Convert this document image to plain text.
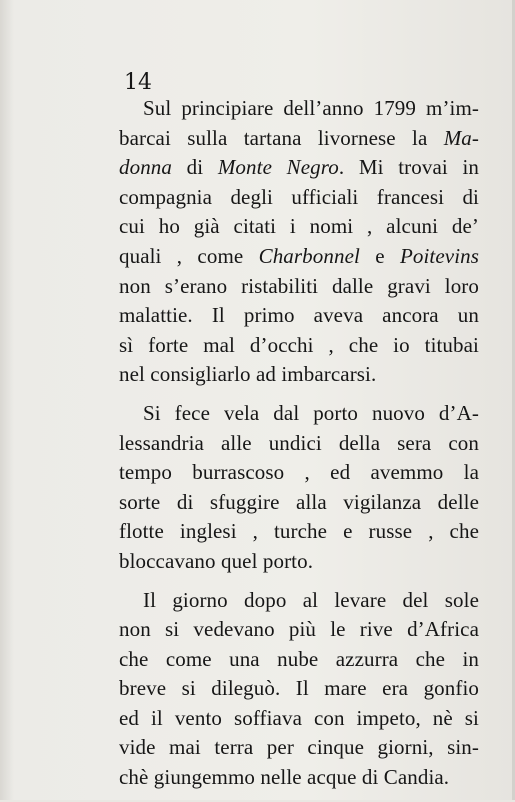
14

Sul principiare dell’anno 1799 m’im-
barcai sulla tartana livornese la Ma-
donna di Monte Negro. Mi trovai in
compagnia degli ufficiali francesi di
cui ho già citati i nomi , alcuni de’
quali , come Charbonnel e Poitevins
non s’erano ristabiliti dalle gravi loro
malattie. Il primo aveva ancora un
sì forte mal d’occhi , che io titubai
nel consigliarlo ad imbarcarsi.

Si fece vela dal porto nuovo d’A-
lessandria alle undici della sera con
tempo burrascoso , ed avemmo la
sorte di sfuggire alla vigilanza delle
flotte inglesi , turche e russe , che
bloccavano quel porto.

Il giorno dopo al levare del sole
non si vedevano più le rive d’Africa
che come una nube azzurra che in
breve si dileguò. Il mare era gonfio
ed il vento soffiava con impeto, nè si
vide mai terra per cinque giorni, sin-
chè giungemmo nelle acque di Candia.
